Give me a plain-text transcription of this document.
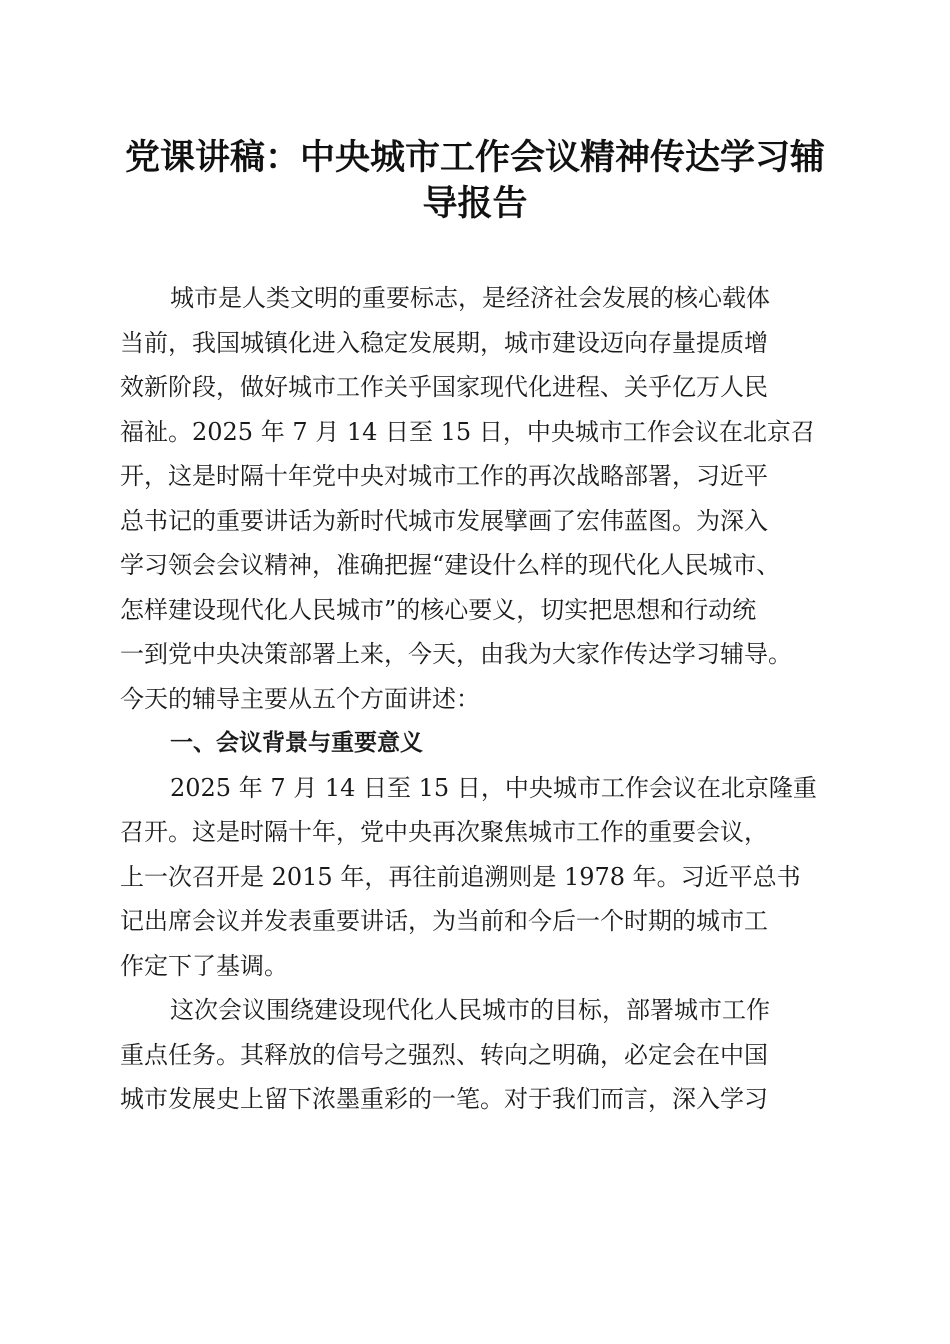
党课讲稿：中央城市工作会议精神传达学习辅
导报告
城市是人类文明的重要标志，是经济社会发展的核心载体
当前，我国城镇化进入稳定发展期，城市建设迈向存量提质增
效新阶段，做好城市工作关乎国家现代化进程、关乎亿万人民
福祉。2025 年 7 月 14 日至 15 日，中央城市工作会议在北京召
开，这是时隔十年党中央对城市工作的再次战略部署，习近平
总书记的重要讲话为新时代城市发展擘画了宏伟蓝图。为深入
学习领会会议精神，准确把握“建设什么样的现代化人民城市、
怎样建设现代化人民城市”的核心要义，切实把思想和行动统
一到党中央决策部署上来，今天，由我为大家作传达学习辅导。
今天的辅导主要从五个方面讲述：
一、会议背景与重要意义
2025 年 7 月 14 日至 15 日，中央城市工作会议在北京隆重
召开。这是时隔十年，党中央再次聚焦城市工作的重要会议，
上一次召开是 2015 年，再往前追溯则是 1978 年。习近平总书
记出席会议并发表重要讲话，为当前和今后一个时期的城市工
作定下了基调。
这次会议围绕建设现代化人民城市的目标，部署城市工作
重点任务。其释放的信号之强烈、转向之明确，必定会在中国
城市发展史上留下浓墨重彩的一笔。对于我们而言，深入学习
